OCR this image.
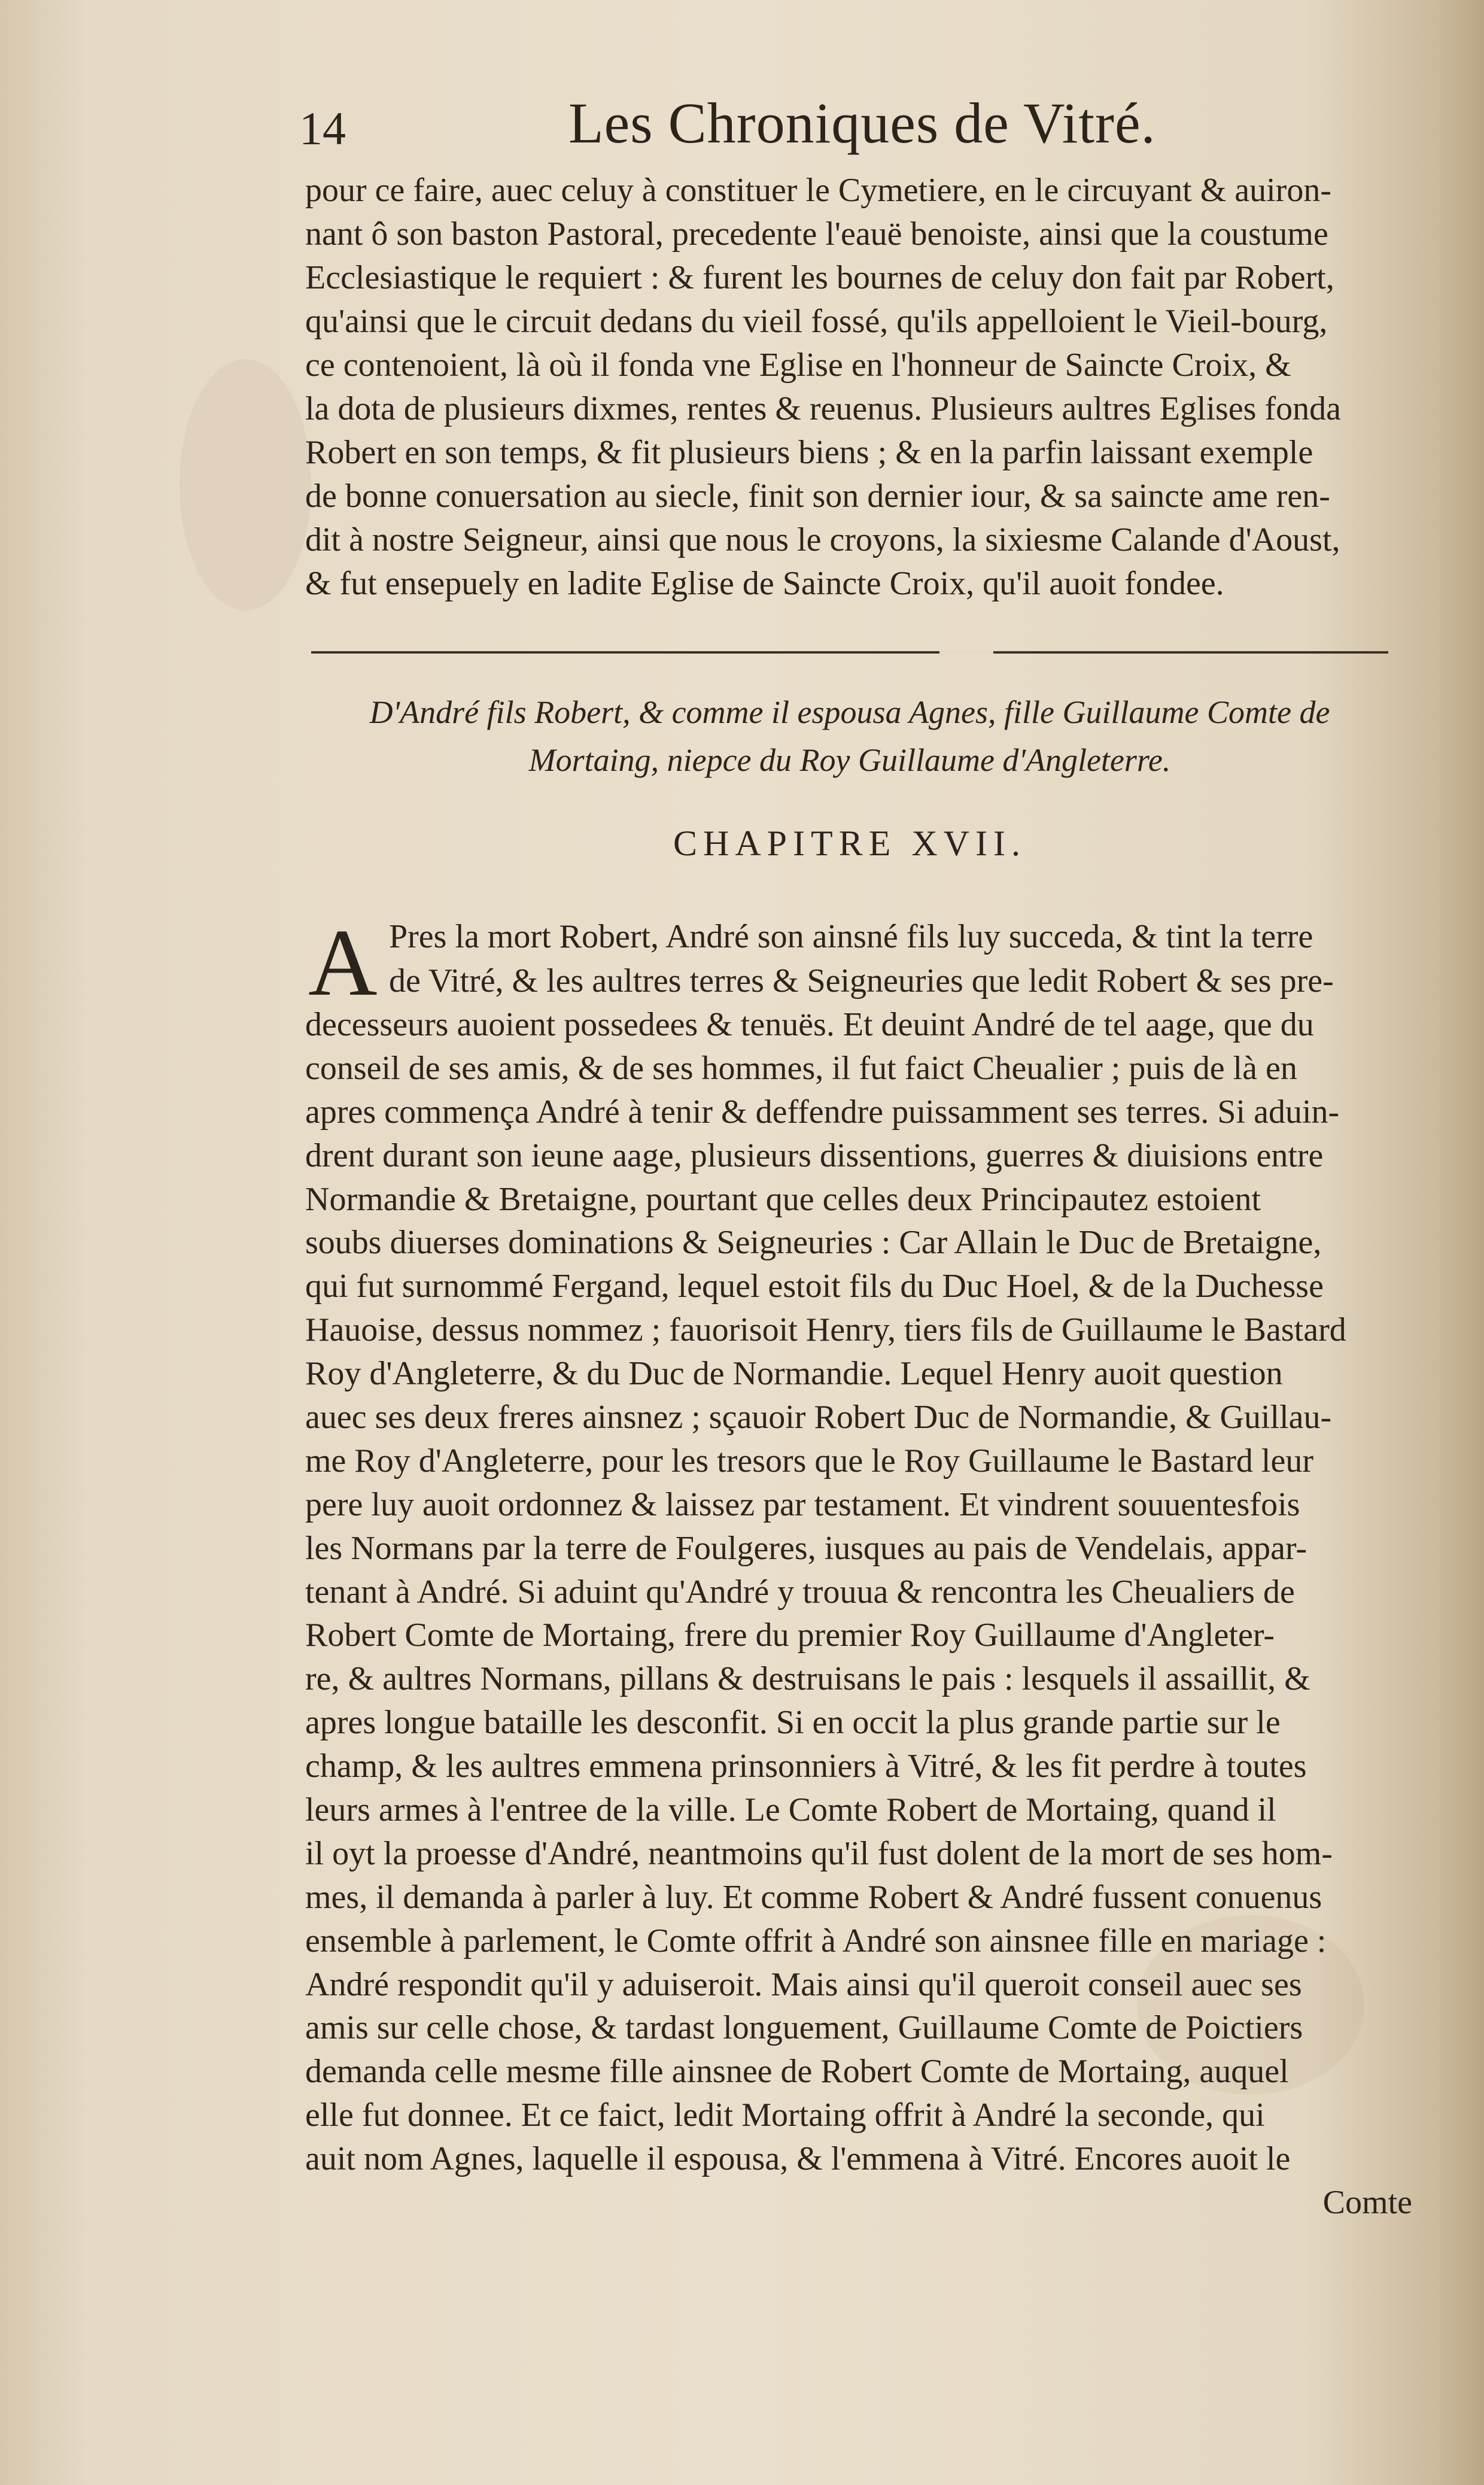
14	Les Chroniques de Vitré.
pour ce faire, auec celuy à constituer le Cymetiere, en le circuyant & auiron-
nant ô son baston Pastoral, precedente l'eauë benoiste, ainsi que la coustume
Ecclesiastique le requiert : & furent les bournes de celuy don fait par Robert,
qu'ainsi que le circuit dedans du vieil fossé, qu'ils appelloient le Vieil-bourg,
ce contenoient, là où il fonda vne Eglise en l'honneur de Saincte Croix, &
la dota de plusieurs dixmes, rentes & reuenus. Plusieurs aultres Eglises fonda
Robert en son temps, & fit plusieurs biens ; & en la parfin laissant exemple
de bonne conuersation au siecle, finit son dernier iour, & sa saincte ame ren-
dit à nostre Seigneur, ainsi que nous le croyons, la sixiesme Calande d'Aoust,
& fut ensepuely en ladite Eglise de Saincte Croix, qu'il auoit fondee.
D'André fils Robert, & comme il espousa Agnes, fille Guillaume Comte de
Mortaing, niepce du Roy Guillaume d'Angleterre.
CHAPITRE XVII.
A Pres la mort Robert, André son ainsné fils luy succeda, & tint la terre
de Vitré, & les aultres terres & Seigneuries que ledit Robert & ses pre-
decesseurs auoient possedees & tenuës. Et deuint André de tel aage, que du
conseil de ses amis, & de ses hommes, il fut faict Cheualier ; puis de là en
apres commença André à tenir & deffendre puissamment ses terres. Si aduin-
drent durant son ieune aage, plusieurs dissentions, guerres & diuisions entre
Normandie & Bretaigne, pourtant que celles deux Principautez estoient
soubs diuerses dominations & Seigneuries : Car Allain le Duc de Bretaigne,
qui fut surnommé Fergand, lequel estoit fils du Duc Hoel, & de la Duchesse
Hauoise, dessus nommez ; fauorisoit Henry, tiers fils de Guillaume le Bastard
Roy d'Angleterre, & du Duc de Normandie. Lequel Henry auoit question
auec ses deux freres ainsnez ; sçauoir Robert Duc de Normandie, & Guillau-
me Roy d'Angleterre, pour les tresors que le Roy Guillaume le Bastard leur
pere luy auoit ordonnez & laissez par testament. Et vindrent souuentesfois
les Normans par la terre de Foulgeres, iusques au pais de Vendelais, appar-
tenant à André. Si aduint qu'André y trouua & rencontra les Cheualiers de
Robert Comte de Mortaing, frere du premier Roy Guillaume d'Angleter-
re, & aultres Normans, pillans & destruisans le pais : lesquels il assaillit, &
apres longue bataille les desconfit. Si en occit la plus grande partie sur le
champ, & les aultres emmena prinsonniers à Vitré, & les fit perdre à toutes
leurs armes à l'entree de la ville. Le Comte Robert de Mortaing, quand il
il oyt la proesse d'André, neantmoins qu'il fust dolent de la mort de ses hom-
mes, il demanda à parler à luy. Et comme Robert & André fussent conuenus
ensemble à parlement, le Comte offrit à André son ainsnee fille en mariage :
André respondit qu'il y aduiseroit. Mais ainsi qu'il queroit conseil auec ses
amis sur celle chose, & tardast longuement, Guillaume Comte de Poictiers
demanda celle mesme fille ainsnee de Robert Comte de Mortaing, auquel
elle fut donnee. Et ce faict, ledit Mortaing offrit à André la seconde, qui
auit nom Agnes, laquelle il espousa, & l'emmena à Vitré. Encores auoit le
Comte
